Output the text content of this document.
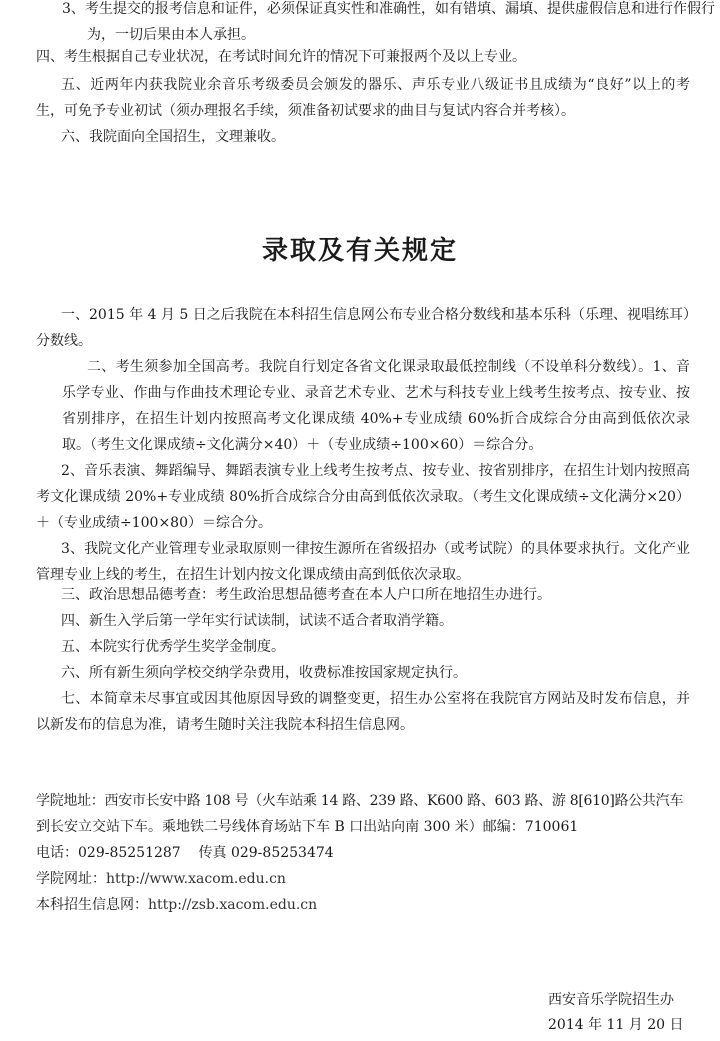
3、考生提交的报考信息和证件，必须保证真实性和准确性，如有错填、漏填、提供虚假信息和进行作假行为，一切后果由本人承担。

四、考生根据自己专业状况，在考试时间允许的情况下可兼报两个及以上专业。

五、近两年内获我院业余音乐考级委员会颁发的器乐、声乐专业八级证书且成绩为“良好”以上的考生，可免予专业初试（须办理报名手续，须准备初试要求的曲目与复试内容合并考核）。

六、我院面向全国招生，文理兼收。

录取及有关规定

一、2015 年 4 月 5 日之后我院在本科招生信息网公布专业合格分数线和基本乐科（乐理、视唱练耳）分数线。

二、考生须参加全国高考。我院自行划定各省文化课录取最低控制线（不设单科分数线）。1、音乐学专业、作曲与作曲技术理论专业、录音艺术专业、艺术与科技专业上线考生按考点、按专业、按省别排序，在招生计划内按照高考文化课成绩 40%+专业成绩 60%折合成综合分由高到低依次录取。（考生文化课成绩÷文化满分×40）＋（专业成绩÷100×60）＝综合分。

2、音乐表演、舞蹈编导、舞蹈表演专业上线考生按考点、按专业、按省别排序，在招生计划内按照高考文化课成绩 20%+专业成绩 80%折合成综合分由高到低依次录取。（考生文化课成绩÷文化满分×20）＋（专业成绩÷100×80）＝综合分。

3、我院文化产业管理专业录取原则一律按生源所在省级招办（或考试院）的具体要求执行。文化产业管理专业上线的考生，在招生计划内按文化课成绩由高到低依次录取。

三、政治思想品德考查：考生政治思想品德考查在本人户口所在地招生办进行。

四、新生入学后第一学年实行试读制，试读不适合者取消学籍。

五、本院实行优秀学生奖学金制度。

六、所有新生须向学校交纳学杂费用，收费标准按国家规定执行。

七、本简章未尽事宜或因其他原因导致的调整变更，招生办公室将在我院官方网站及时发布信息，并以新发布的信息为准，请考生随时关注我院本科招生信息网。

学院地址：西安市长安中路 108 号（火车站乘 14 路、239 路、K600 路、603 路、游 8[610]路公共汽车

到长安立交站下车。乘地铁二号线体育场站下车 B 口出站向南 300 米）邮编：710061

电话：029-85251287    传真 029-85253474

学院网址：http://www.xacom.edu.cn

本科招生信息网：http://zsb.xacom.edu.cn

西安音乐学院招生办

2014 年 11 月 20 日
